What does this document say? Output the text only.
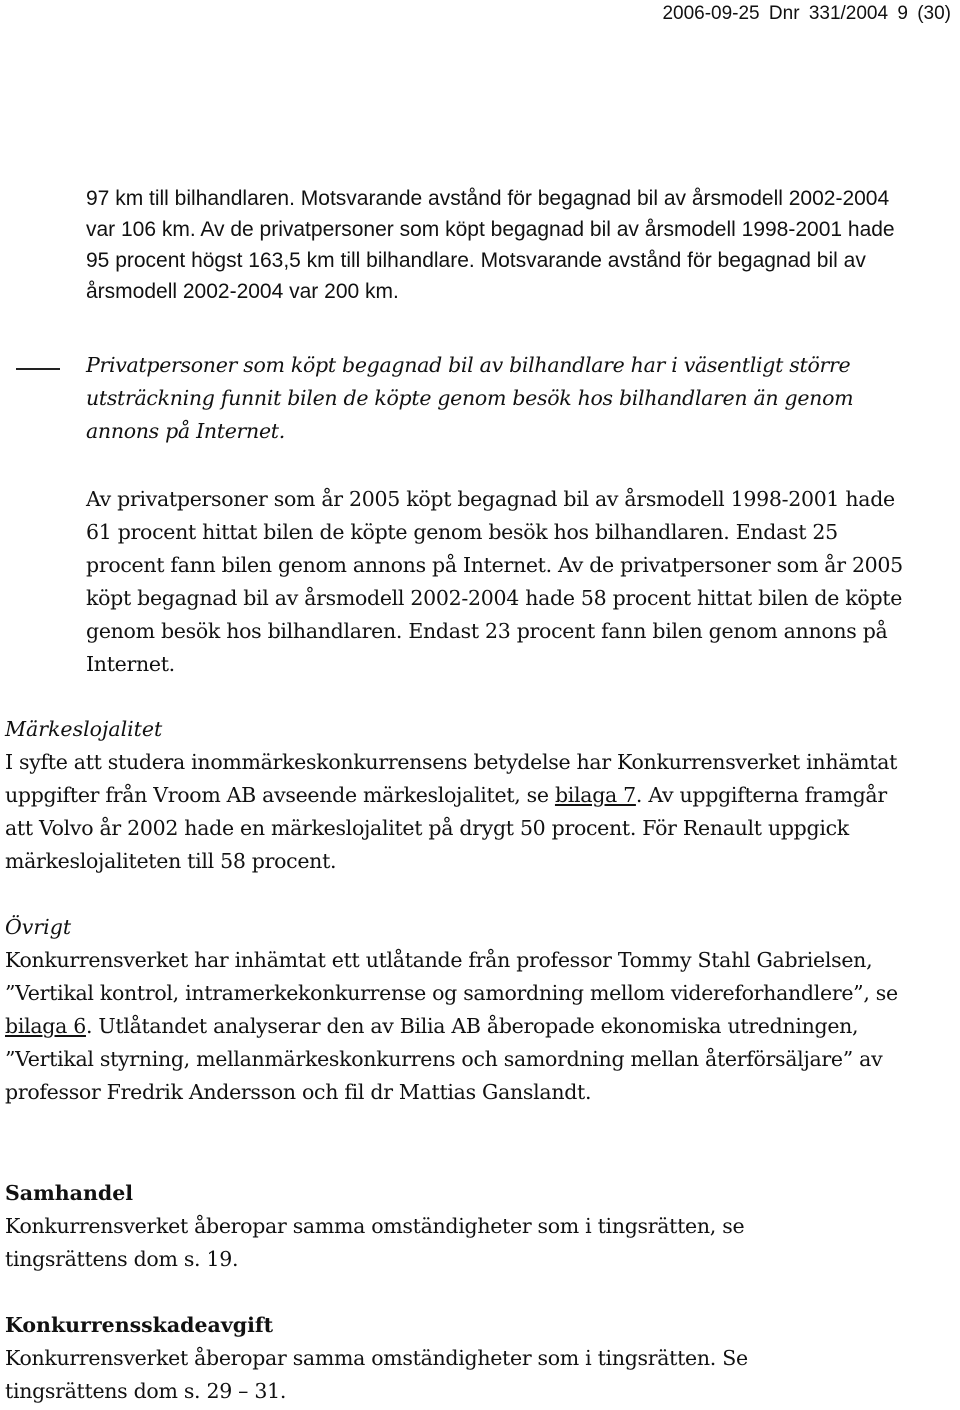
2006-09-25 Dnr 331/2004 9 (30)

97 km till bilhandlaren. Motsvarande avstånd för begagnad bil av årsmodell 2002-2004 var 106 km. Av de privatpersoner som köpt begagnad bil av årsmodell 1998-2001 hade 95 procent högst 163,5 km till bilhandlare. Motsvarande avstånd för begagnad bil av årsmodell 2002-2004 var 200 km.

Privatpersoner som köpt begagnad bil av bilhandlare har i väsentligt större utsträckning funnit bilen de köpte genom besök hos bilhandlaren än genom annons på Internet.

Av privatpersoner som år 2005 köpt begagnad bil av årsmodell 1998-2001 hade 61 procent hittat bilen de köpte genom besök hos bilhandlaren. Endast 25 procent fann bilen genom annons på Internet. Av de privatpersoner som år 2005 köpt begagnad bil av årsmodell 2002-2004 hade 58 procent hittat bilen de köpte genom besök hos bilhandlaren. Endast 23 procent fann bilen genom annons på Internet.

Märkeslojalitet

I syfte att studera inommärkeskonkurrensens betydelse har Konkurrensverket inhämtat uppgifter från Vroom AB avseende märkeslojalitet, se bilaga 7. Av uppgifterna framgår att Volvo år 2002 hade en märkeslojalitet på drygt 50 procent. För Renault uppgick märkeslojaliteten till 58 procent.

Övrigt

Konkurrensverket har inhämtat ett utlåtande från professor Tommy Stahl Gabrielsen, ”Vertikal kontrol, intramerkekonkurrense og samordning mellom videreforhandlere”, se bilaga 6. Utlåtandet analyserar den av Bilia AB åberopade ekonomiska utredningen, ”Vertikal styrning, mellanmärkeskonkurrens och samordning mellan återförsäljare” av professor Fredrik Andersson och fil dr Mattias Ganslandt.

Samhandel

Konkurrensverket åberopar samma omständigheter som i tingsrätten, se tingsrättens dom s. 19.

Konkurrensskadeavgift

Konkurrensverket åberopar samma omständigheter som i tingsrätten. Se tingsrättens dom s. 29 – 31.
